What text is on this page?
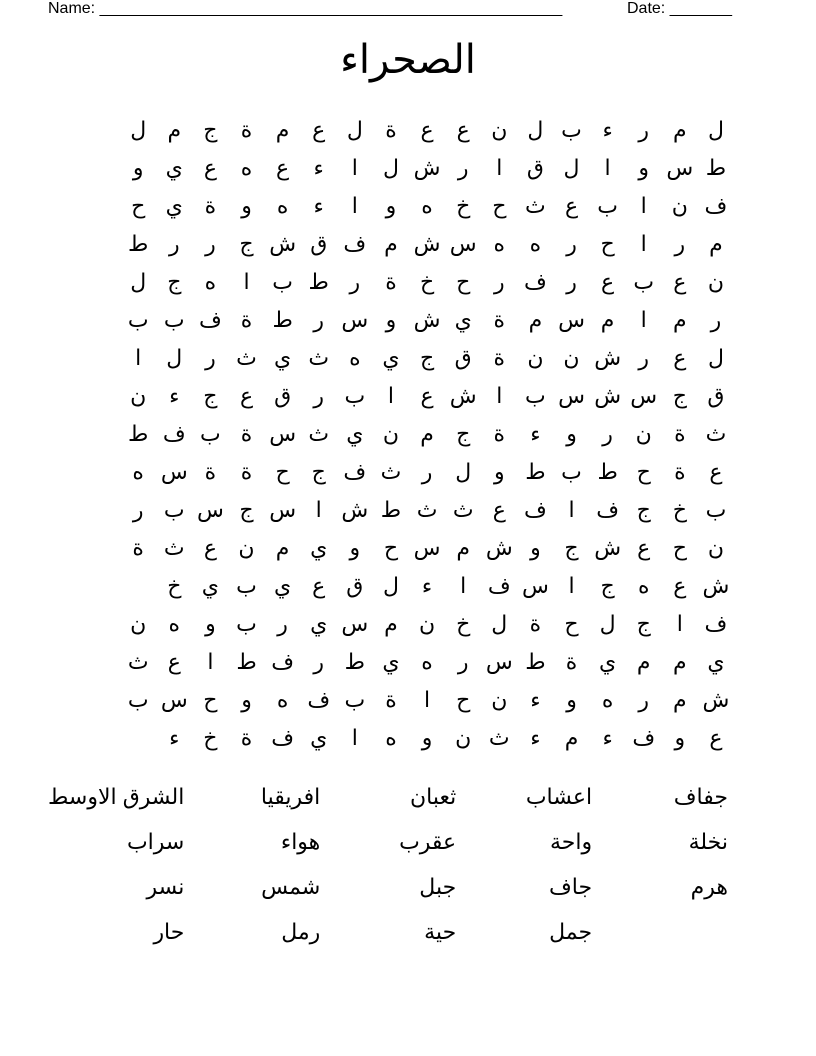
Name: ____________________________________________________	Date: _______
الصحراء
ل
م
ر
ء
ب
ل
ن
ع
ع
ة
ل
ع
م
ة
ج
م
ل
ط
س
و
ا
ل
ق
ا
ر
ش
ل
ا
ء
ع
ه
ع
ي
و
ف
ن
ا
ب
ع
ث
ح
خ
ه
و
ا
ء
ه
و
ة
ي
ح
م
ر
ا
ح
ر
ه
ه
س
ش
م
ف
ق
ش
ج
ر
ر
ط
ن
ع
ب
ع
ر
ف
ر
ح
خ
ة
ر
ط
ب
ا
ه
ج
ل
ر
م
ا
م
س
م
ة
ي
ش
و
س
ر
ط
ة
ف
ب
ب
ل
ع
ر
ش
ن
ن
ة
ق
ج
ي
ه
ث
ي
ث
ر
ل
ا
ق
ج
س
ش
س
ب
ا
ش
ع
ا
ب
ر
ق
ع
ج
ء
ن
ث
ة
ن
ر
و
ء
ة
ج
م
ن
ي
ث
س
ة
ب
ف
ط
ع
ة
ح
ط
ب
ط
و
ل
ر
ث
ف
ج
ح
ة
ة
س
ه
ب
خ
ج
ف
ا
ف
ع
ث
ث
ط
ش
ا
س
ج
س
ب
ر
ن
ح
ع
ش
ج
و
ش
م
س
ح
و
ي
م
ن
ع
ث
ة
ش
ع
ه
ج
ا
س
ف
ا
ء
ل
ق
ع
ي
ب
ي
خ
ف
ا
ج
ل
ح
ة
ل
خ
ن
م
س
ي
ر
ب
و
ه
ن
ي
م
م
ي
ة
ط
س
ر
ه
ي
ط
ر
ف
ط
ا
ع
ث
ش
م
ر
ه
و
ء
ن
ح
ا
ة
ب
ف
ه
و
ح
س
ب
ع
و
ف
ء
م
ء
ث
ن
و
ه
ا
ي
ف
ة
خ
ء
جفاف
اعشاب
ثعبان
افريقيا
الشرق الاوسط
نخلة
واحة
عقرب
هواء
سراب
هرم
جاف
جبل
شمس
نسر
جمل
حية
رمل
حار
